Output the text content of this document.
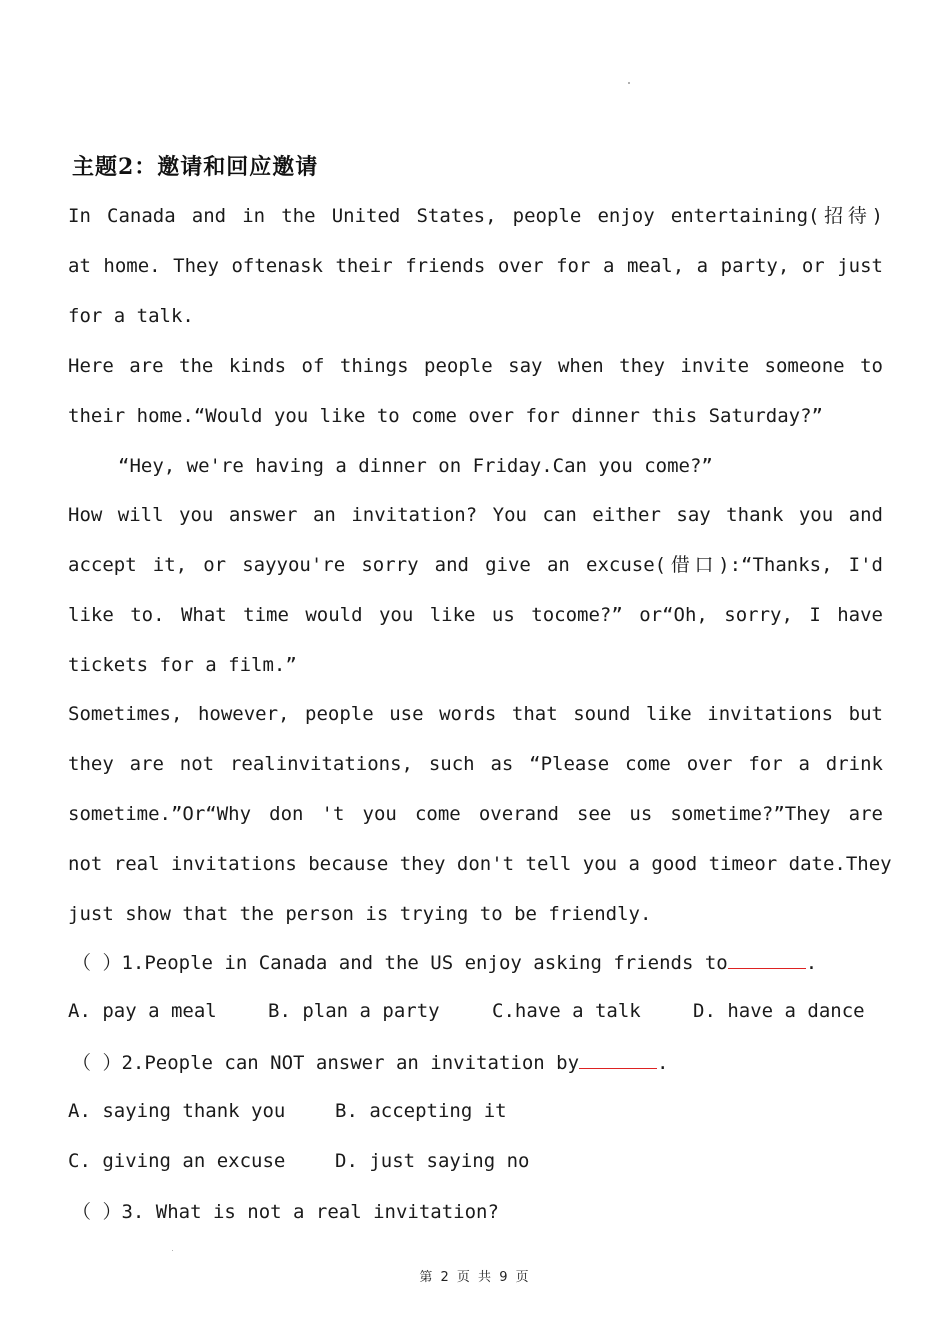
主题2：邀请和回应邀请
In Canada and in the United States, people enjoy entertaining(招待)
at home. They oftenask their friends over for a meal, a party, or just
for a talk.
Here are the kinds of things people say when they invite someone to
their home.“Would you like to come over for dinner this Saturday?”
“Hey, we're having a dinner on Friday.Can you come?”
How will you answer an invitation? You can either say thank you and
accept it, or sayyou're sorry and give an excuse(借口):“Thanks, I'd
like to. What time would you like us tocome?” or“Oh, sorry, I have
tickets for a film.”
Sometimes, however, people use words that sound like invitations but
they are not realinvitations, such as “Please come over for a drink
sometime.”Or“Why don 't you come overand see us sometime?”They are
not real invitations because they don't tell you a good timeor date.They
just show that the person is trying to be friendly.
（ ）1.People in Canada and the US enjoy asking friends to	.
A. pay a meal	B. plan a party	C.have a talk	D. have a dance
（ ）2.People can NOT answer an invitation by	.
A. saying thank you	B. accepting it
C. giving an excuse	D. just saying no
（ ）3. What is not a real invitation?
第 2 页 共 9 页
